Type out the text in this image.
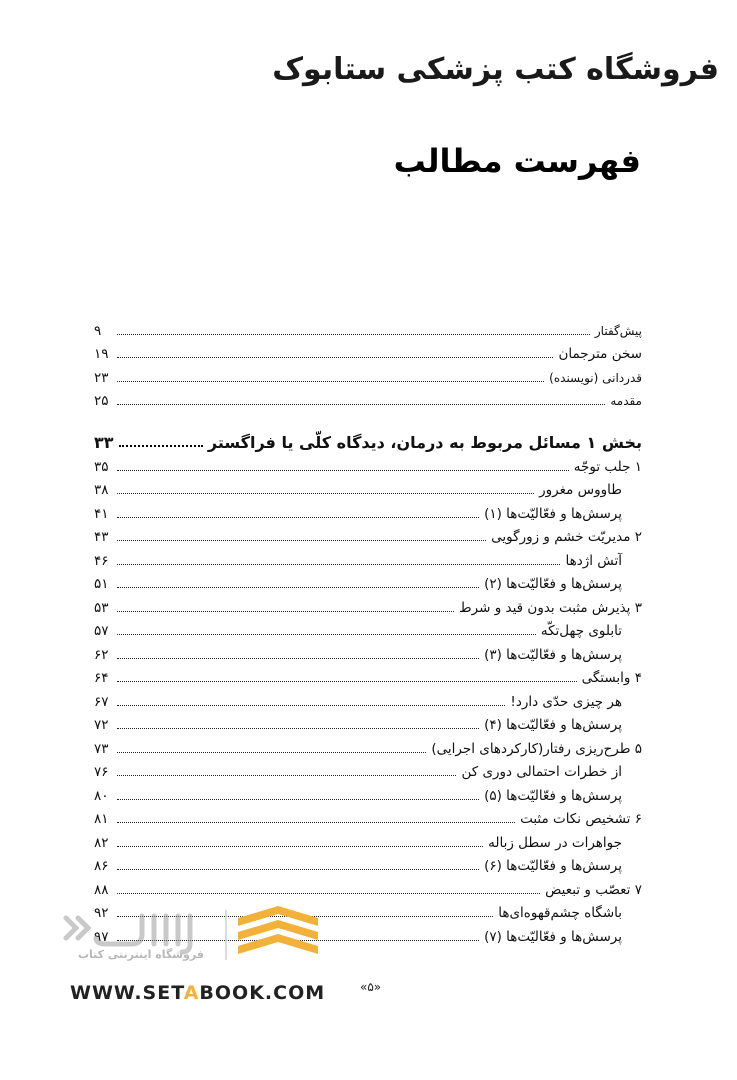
فروشگاه کتب پزشکی ستابوک
فهرست مطالب
پیش‌گفتار
۹
سخن مترجمان
۱۹
قدردانی (نویسنده)
۲۳
مقدمه
۲۵
بخش ۱ مسائل مربوط به درمان، دیدگاه کلّی یا فراگستر
۳۳
۱ جلب توجّه
۳۵
طاووس مغرور
۳۸
پرسش‌ها و فعّالیّت‌ها (۱)
۴۱
۲ مدیریّت خشم و زورگویی
۴۳
آتش اژدها
۴۶
پرسش‌ها و فعّالیّت‌ها (۲)
۵۱
۳ پذیرش مثبت بدون قید و شرط
۵۳
تابلوی چهل‌تکّه
۵۷
پرسش‌ها و فعّالیّت‌ها (۳)
۶۲
۴ وابستگی
۶۴
هر چیزی حدّی دارد!
۶۷
پرسش‌ها و فعّالیّت‌ها (۴)
۷۲
۵ طرح‌ریزی رفتار(کارکردهای اجرایی)
۷۳
از خطرات احتمالی دوری کن
۷۶
پرسش‌ها و فعّالیّت‌ها (۵)
۸۰
۶ تشخیص نکات مثبت
۸۱
جواهرات در سطل زباله
۸۲
پرسش‌ها و فعّالیّت‌ها (۶)
۸۶
۷ تعصّب و تبعیض
۸۸
باشگاه چشم‌قهوه‌ای‌ها
۹۲
پرسش‌ها و فعّالیّت‌ها (۷)
۹۷
فروشگاه اینترنتی کتاب
WWW.SETABOOK.COM	«۵»
